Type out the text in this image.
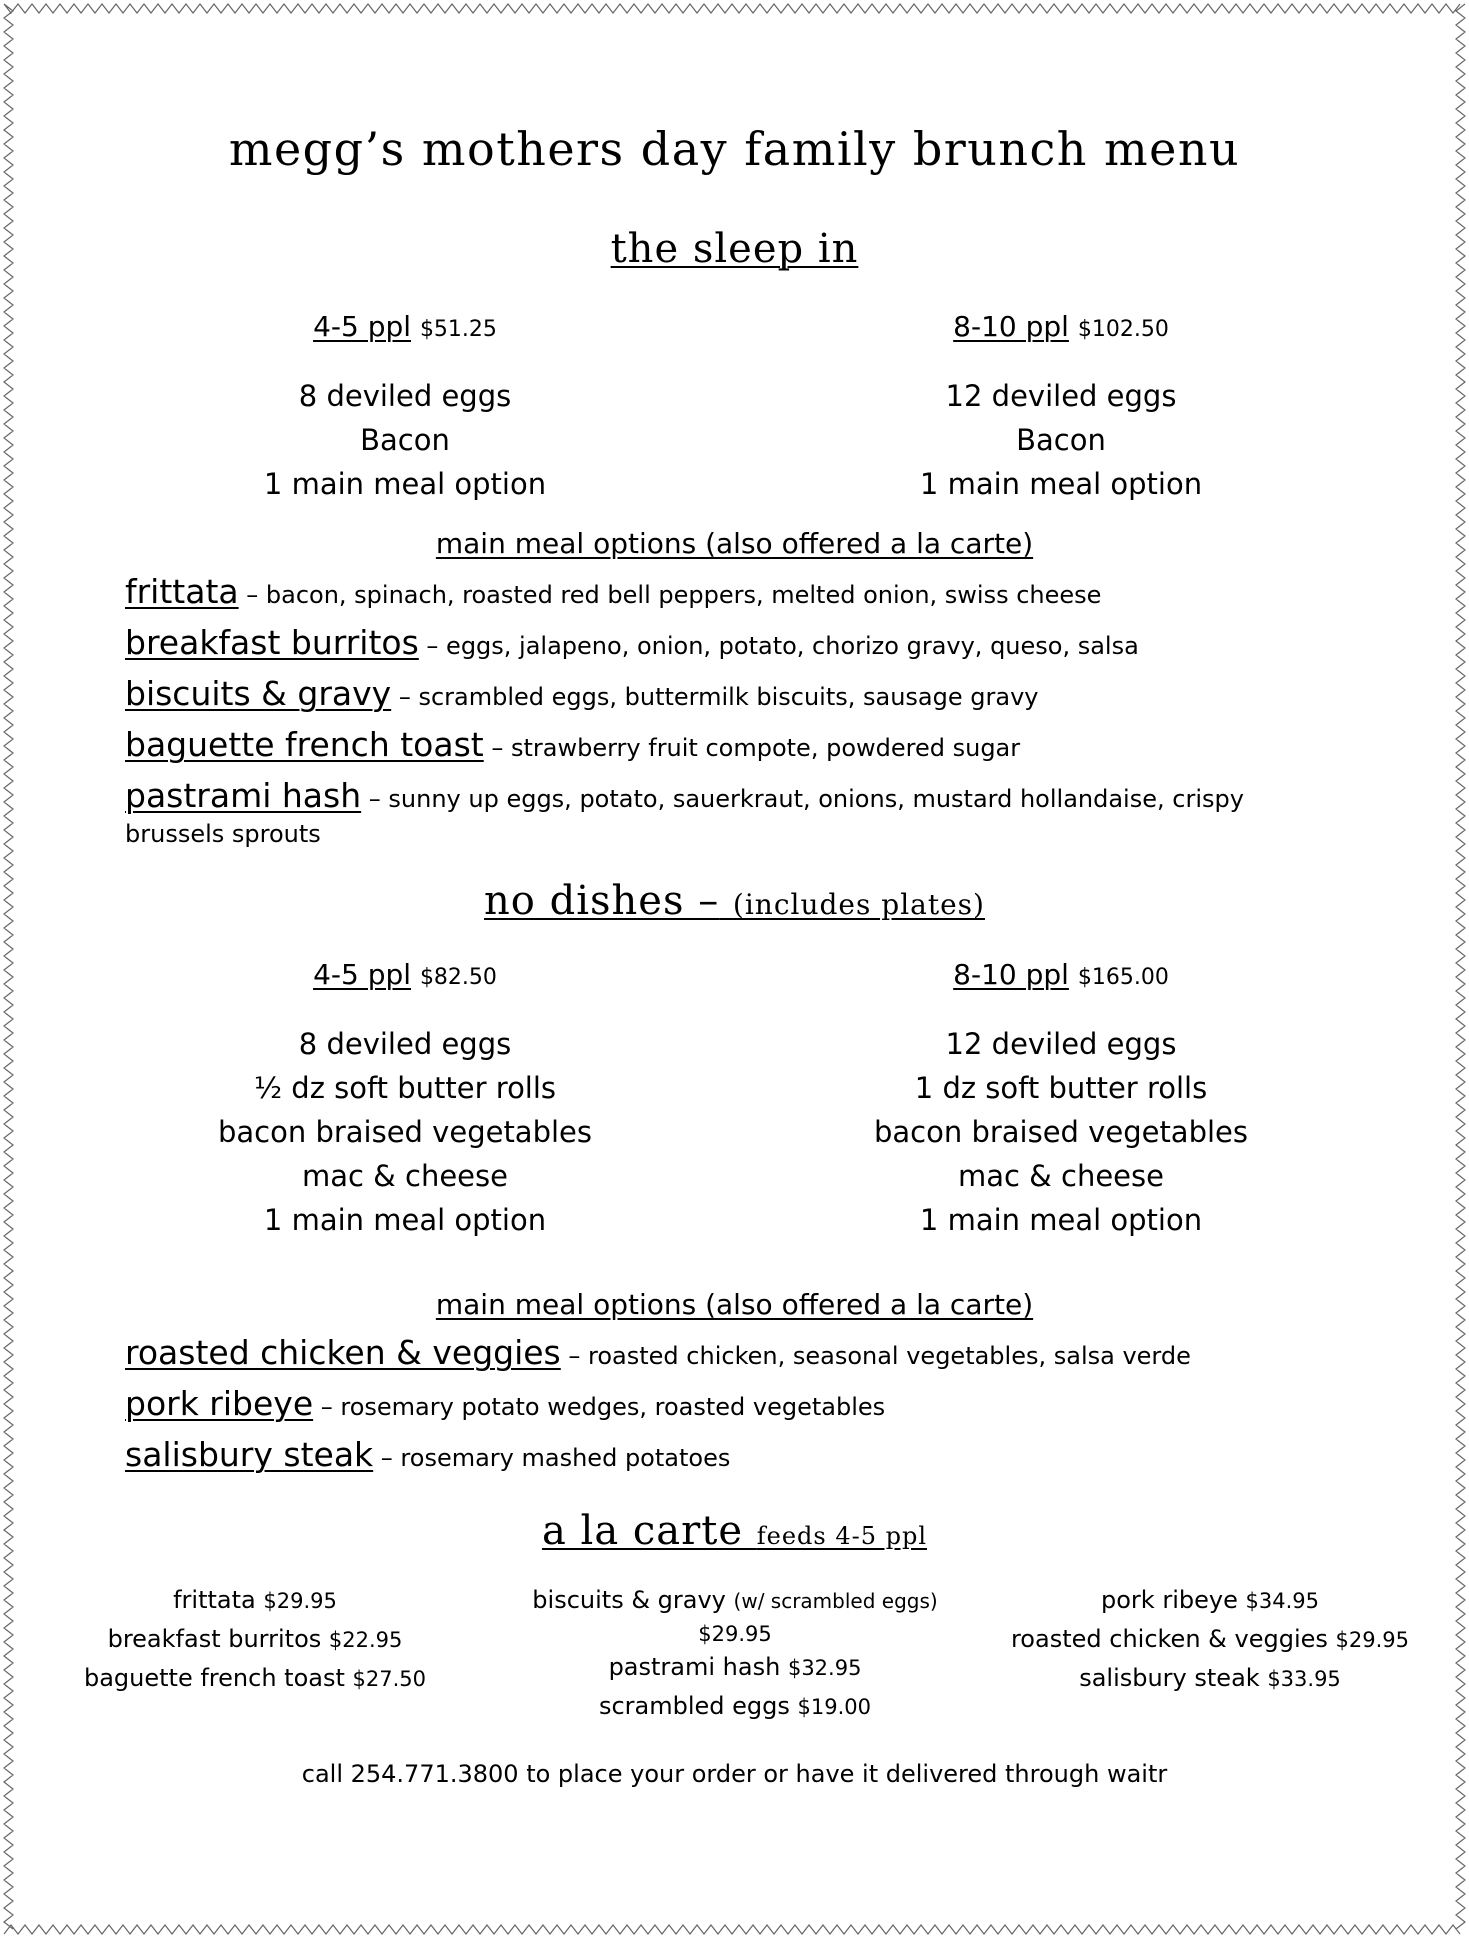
megg’s mothers day family brunch menu
the sleep in
4-5 ppl $51.25	8-10 ppl $102.50
8 deviled eggs
Bacon
1 main meal option
12 deviled eggs
Bacon
1 main meal option
main meal options (also offered a la carte)
frittata – bacon, spinach, roasted red bell peppers, melted onion, swiss cheese
breakfast burritos – eggs, jalapeno, onion, potato, chorizo gravy, queso, salsa
biscuits & gravy – scrambled eggs, buttermilk biscuits, sausage gravy
baguette french toast – strawberry fruit compote, powdered sugar
pastrami hash – sunny up eggs, potato, sauerkraut, onions, mustard hollandaise, crispy
brussels sprouts
no dishes – (includes plates)
4-5 ppl $82.50	8-10 ppl $165.00
8 deviled eggs
½ dz soft butter rolls
bacon braised vegetables
mac & cheese
1 main meal option
12 deviled eggs
1 dz soft butter rolls
bacon braised vegetables
mac & cheese
1 main meal option
main meal options (also offered a la carte)
roasted chicken & veggies – roasted chicken, seasonal vegetables, salsa verde
pork ribeye – rosemary potato wedges, roasted vegetables
salisbury steak – rosemary mashed potatoes
a la carte feeds 4-5 ppl
frittata $29.95
breakfast burritos $22.95
baguette french toast $27.50
biscuits & gravy (w/ scrambled eggs)
$29.95
pastrami hash $32.95
scrambled eggs $19.00
pork ribeye $34.95
roasted chicken & veggies $29.95
salisbury steak $33.95
call 254.771.3800 to place your order or have it delivered through waitr
